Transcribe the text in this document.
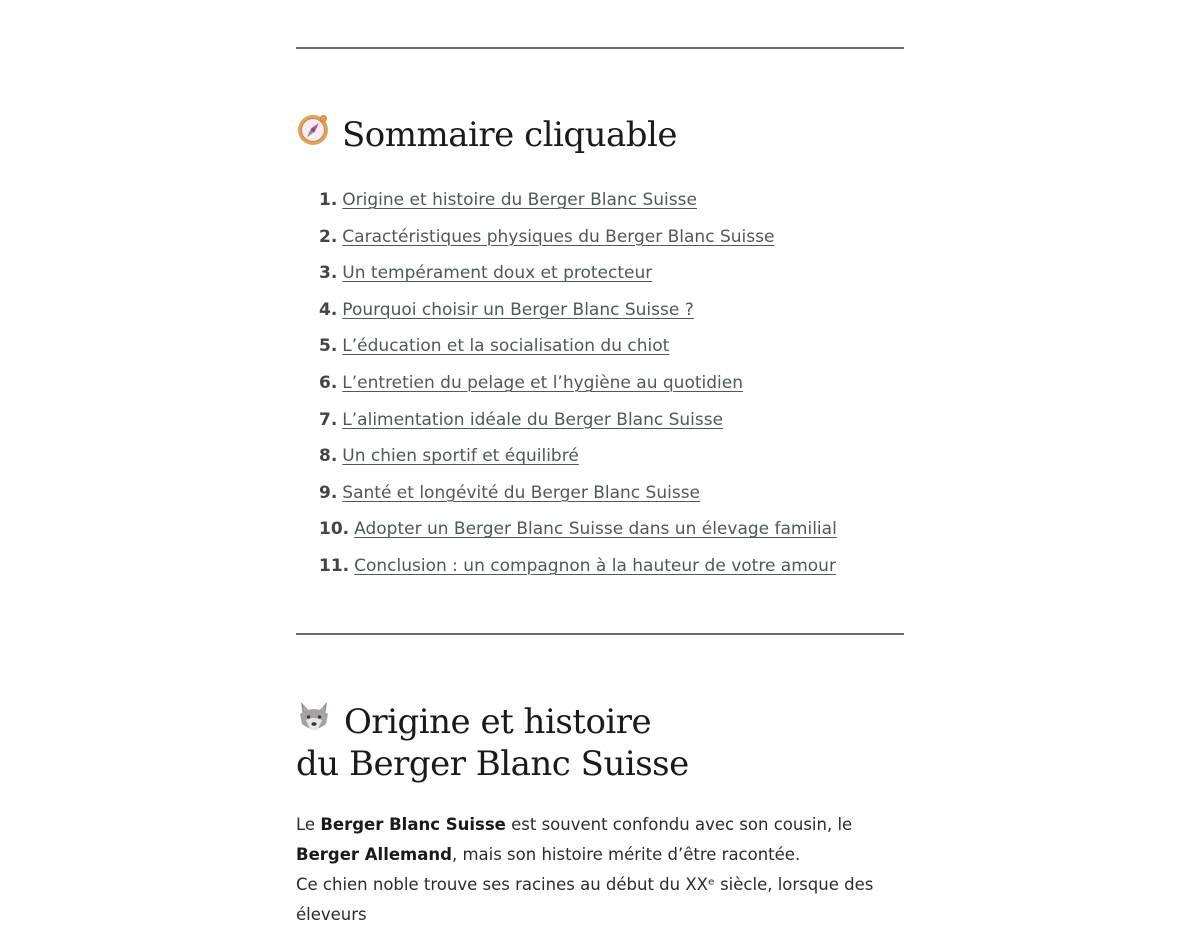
Sommaire cliquable
1. Origine et histoire du Berger Blanc Suisse
2. Caractéristiques physiques du Berger Blanc Suisse
3. Un tempérament doux et protecteur
4. Pourquoi choisir un Berger Blanc Suisse ?
5. L’éducation et la socialisation du chiot
6. L’entretien du pelage et l’hygiène au quotidien
7. L’alimentation idéale du Berger Blanc Suisse
8. Un chien sportif et équilibré
9. Santé et longévité du Berger Blanc Suisse
10. Adopter un Berger Blanc Suisse dans un élevage familial
11. Conclusion : un compagnon à la hauteur de votre amour
Origine et histoire
du Berger Blanc Suisse

Le Berger Blanc Suisse est souvent confondu avec son cousin, le Berger Allemand, mais son histoire mérite d’être racontée.
Ce chien noble trouve ses racines au début du XXᵉ siècle, lorsque des éleveurs
